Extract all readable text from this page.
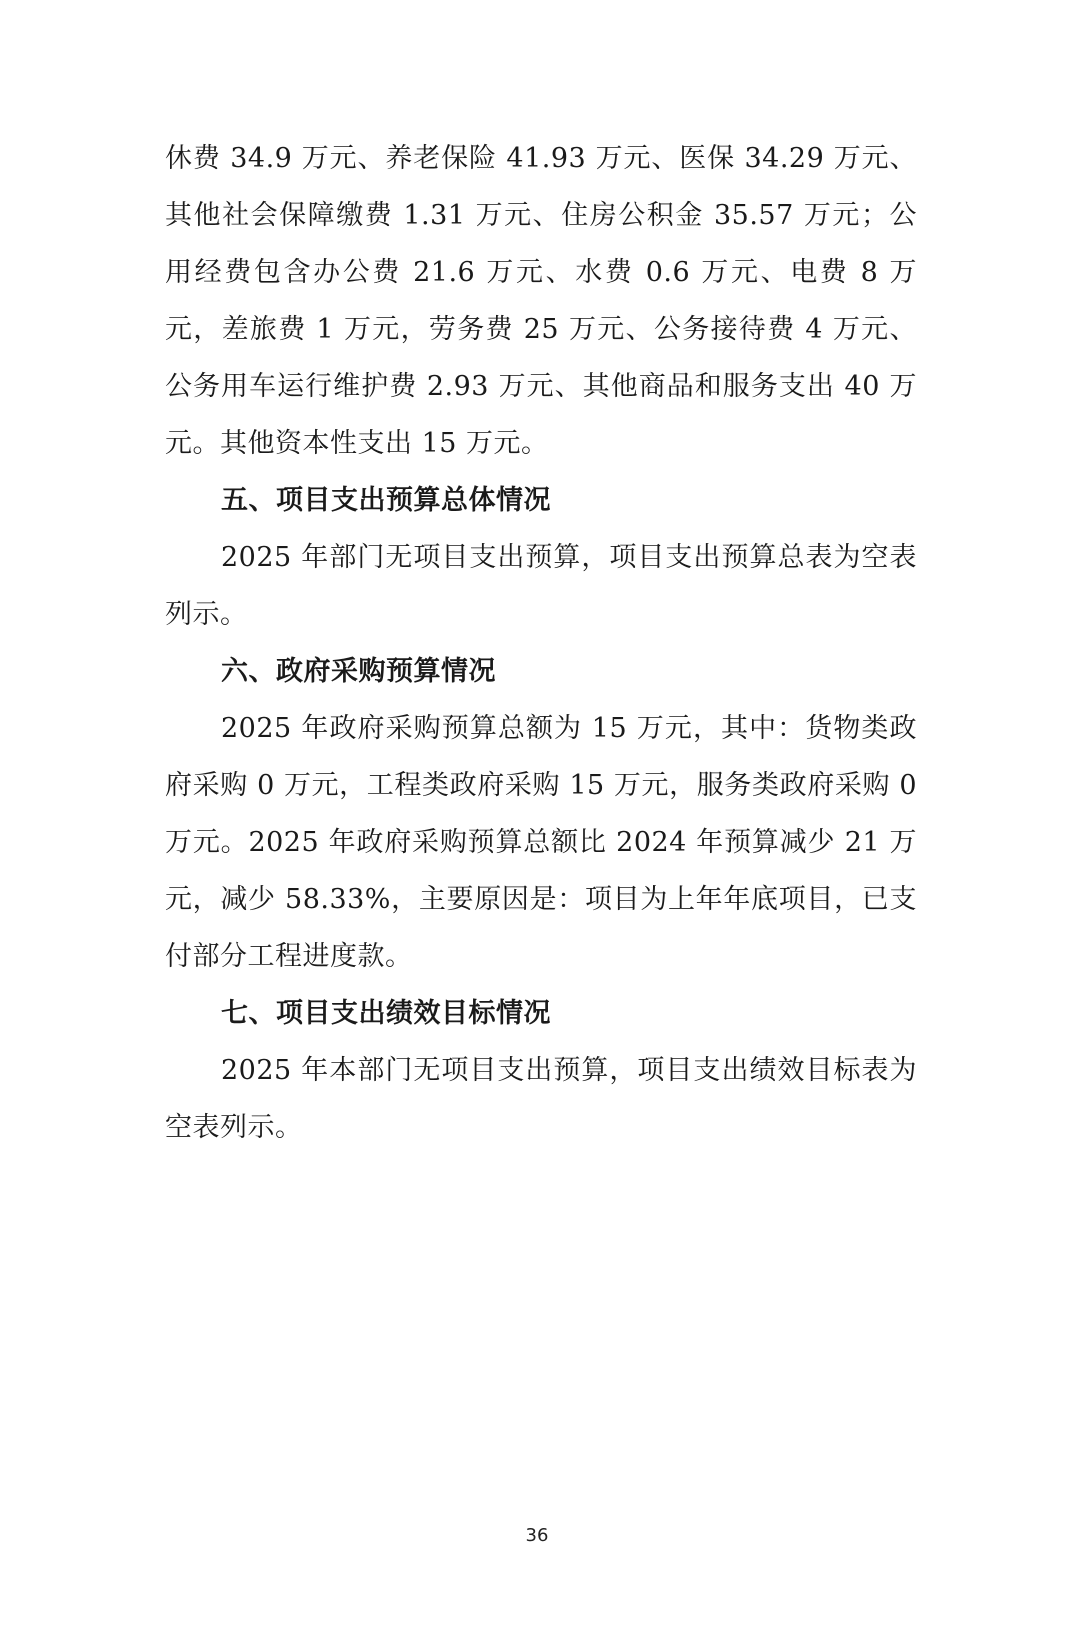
休费 34.9 万元、养老保险 41.93 万元、医保 34.29 万元、其他社会保障缴费 1.31 万元、住房公积金 35.57 万元；公用经费包含办公费 21.6 万元、水费 0.6 万元、电费 8 万元，差旅费 1 万元，劳务费 25 万元、公务接待费 4 万元、公务用车运行维护费 2.93 万元、其他商品和服务支出 40 万元。其他资本性支出 15 万元。

五、项目支出预算总体情况

2025 年部门无项目支出预算，项目支出预算总表为空表列示。

六、政府采购预算情况

2025 年政府采购预算总额为 15 万元，其中：货物类政府采购 0 万元，工程类政府采购 15 万元，服务类政府采购 0 万元。2025 年政府采购预算总额比 2024 年预算减少 21 万元，减少 58.33%，主要原因是：项目为上年年底项目，已支付部分工程进度款。

七、项目支出绩效目标情况

2025 年本部门无项目支出预算，项目支出绩效目标表为空表列示。

36
